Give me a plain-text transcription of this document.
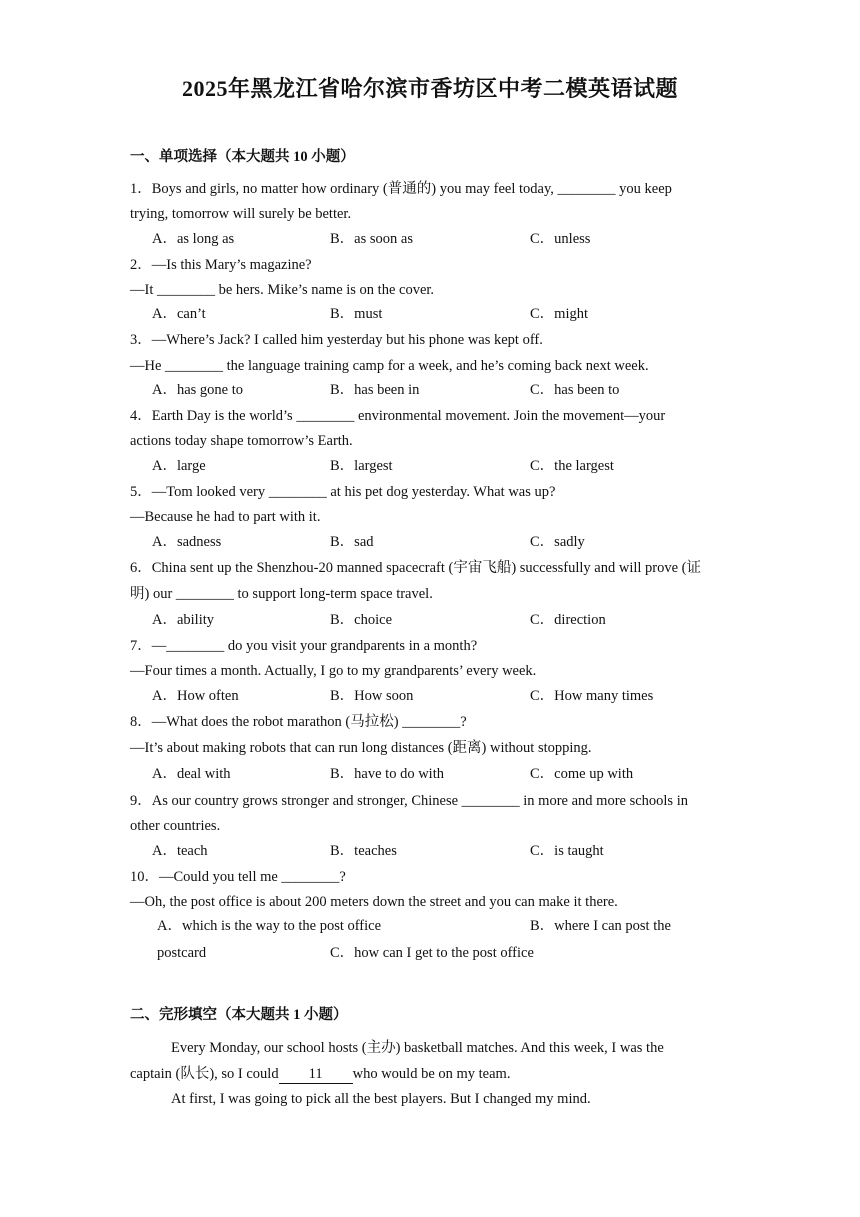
2025年黑龙江省哈尔滨市香坊区中考二模英语试题
一、单项选择（本大题共 10 小题）
1．Boys and girls, no matter how ordinary (普通的) you may feel today, ________ you keep
trying, tomorrow will surely be better.
A．as long as	B．as soon as	C．unless
2．—Is this Mary’s magazine?
—It ________ be hers. Mike’s name is on the cover.
A．can’t	B．must	C．might
3．—Where’s Jack? I called him yesterday but his phone was kept off.
—He ________ the language training camp for a week, and he’s coming back next week.
A．has gone to	B．has been in	C．has been to
4．Earth Day is the world’s ________ environmental movement. Join the movement—your
actions today shape tomorrow’s Earth.
A．large	B．largest	C．the largest
5．—Tom looked very ________ at his pet dog yesterday. What was up?
—Because he had to part with it.
A．sadness	B．sad	C．sadly
6．China sent up the Shenzhou-20 manned spacecraft (宇宙飞船) successfully and will prove (证
明) our ________ to support long-term space travel.
A．ability	B．choice	C．direction
7．—________ do you visit your grandparents in a month?
—Four times a month. Actually, I go to my grandparents’ every week.
A．How often	B．How soon	C．How many times
8．—What does the robot marathon (马拉松) ________?
—It’s about making robots that can run long distances (距离) without stopping.
A．deal with	B．have to do with	C．come up with
9．As our country grows stronger and stronger, Chinese ________ in more and more schools in
other countries.
A．teach	B．teaches	C．is taught
10．—Could you tell me ________?
—Oh, the post office is about 200 meters down the street and you can make it there.
A．which is the way to the post office	B．where I can post the
postcard	C．how can I get to the post office
二、完形填空（本大题共 1 小题）
Every Monday, our school hosts (主办) basketball matches. And this week, I was the
captain (队长), so I could 11 who would be on my team.
At first, I was going to pick all the best players. But I changed my mind.
